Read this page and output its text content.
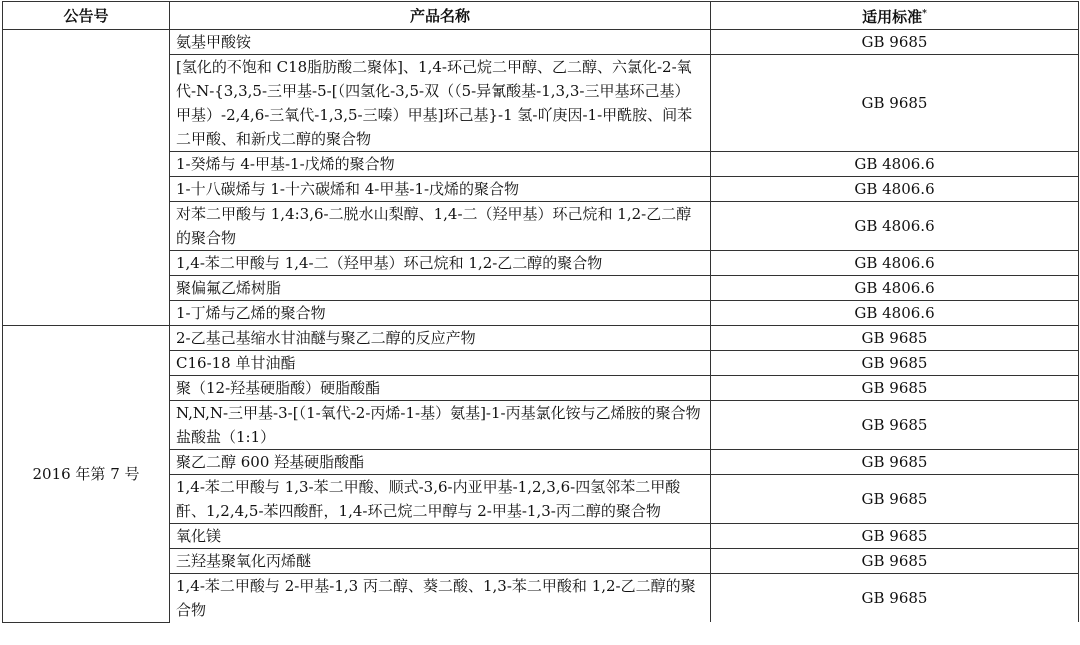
公告号	产品名称	适用标准*
	氨基甲酸铵	GB 9685
	[氢化的不饱和 C18脂肪酸二聚体]、1,4-环己烷二甲醇、乙二醇、六氯化-2-氧代-N-{3,3,5-三甲基-5-[（四氢化-3,5-双（（5-异氰酸基-1,3,3-三甲基环己基）甲基）-2,4,6-三氧代-1,3,5-三嗪）甲基]环己基}-1 氢-吖庚因-1-甲酰胺、间苯二甲酸、和新戊二醇的聚合物	GB 9685
	1-癸烯与 4-甲基-1-戊烯的聚合物	GB 4806.6
	1-十八碳烯与 1-十六碳烯和 4-甲基-1-戊烯的聚合物	GB 4806.6
	对苯二甲酸与 1,4:3,6-二脱水山梨醇、1,4-二（羟甲基）环己烷和 1,2-乙二醇的聚合物	GB 4806.6
	1,4-苯二甲酸与 1,4-二（羟甲基）环己烷和 1,2-乙二醇的聚合物	GB 4806.6
	聚偏氟乙烯树脂	GB 4806.6
	1-丁烯与乙烯的聚合物	GB 4806.6
2016 年第 7 号	2-乙基己基缩水甘油醚与聚乙二醇的反应产物	GB 9685
	C16-18 单甘油酯	GB 9685
	聚（12-羟基硬脂酸）硬脂酸酯	GB 9685
	N,N,N-三甲基-3-[（1-氧代-2-丙烯-1-基）氨基]-1-丙基氯化铵与乙烯胺的聚合物盐酸盐（1:1）	GB 9685
	聚乙二醇 600 羟基硬脂酸酯	GB 9685
	1,4-苯二甲酸与 1,3-苯二甲酸、顺式-3,6-内亚甲基-1,2,3,6-四氢邻苯二甲酸酐、1,2,4,5-苯四酸酐，1,4-环己烷二甲醇与 2-甲基-1,3-丙二醇的聚合物	GB 9685
	氧化镁	GB 9685
	三羟基聚氧化丙烯醚	GB 9685
	1,4-苯二甲酸与 2-甲基-1,3 丙二醇、葵二酸、1,3-苯二甲酸和 1,2-乙二醇的聚合物	GB 9685
